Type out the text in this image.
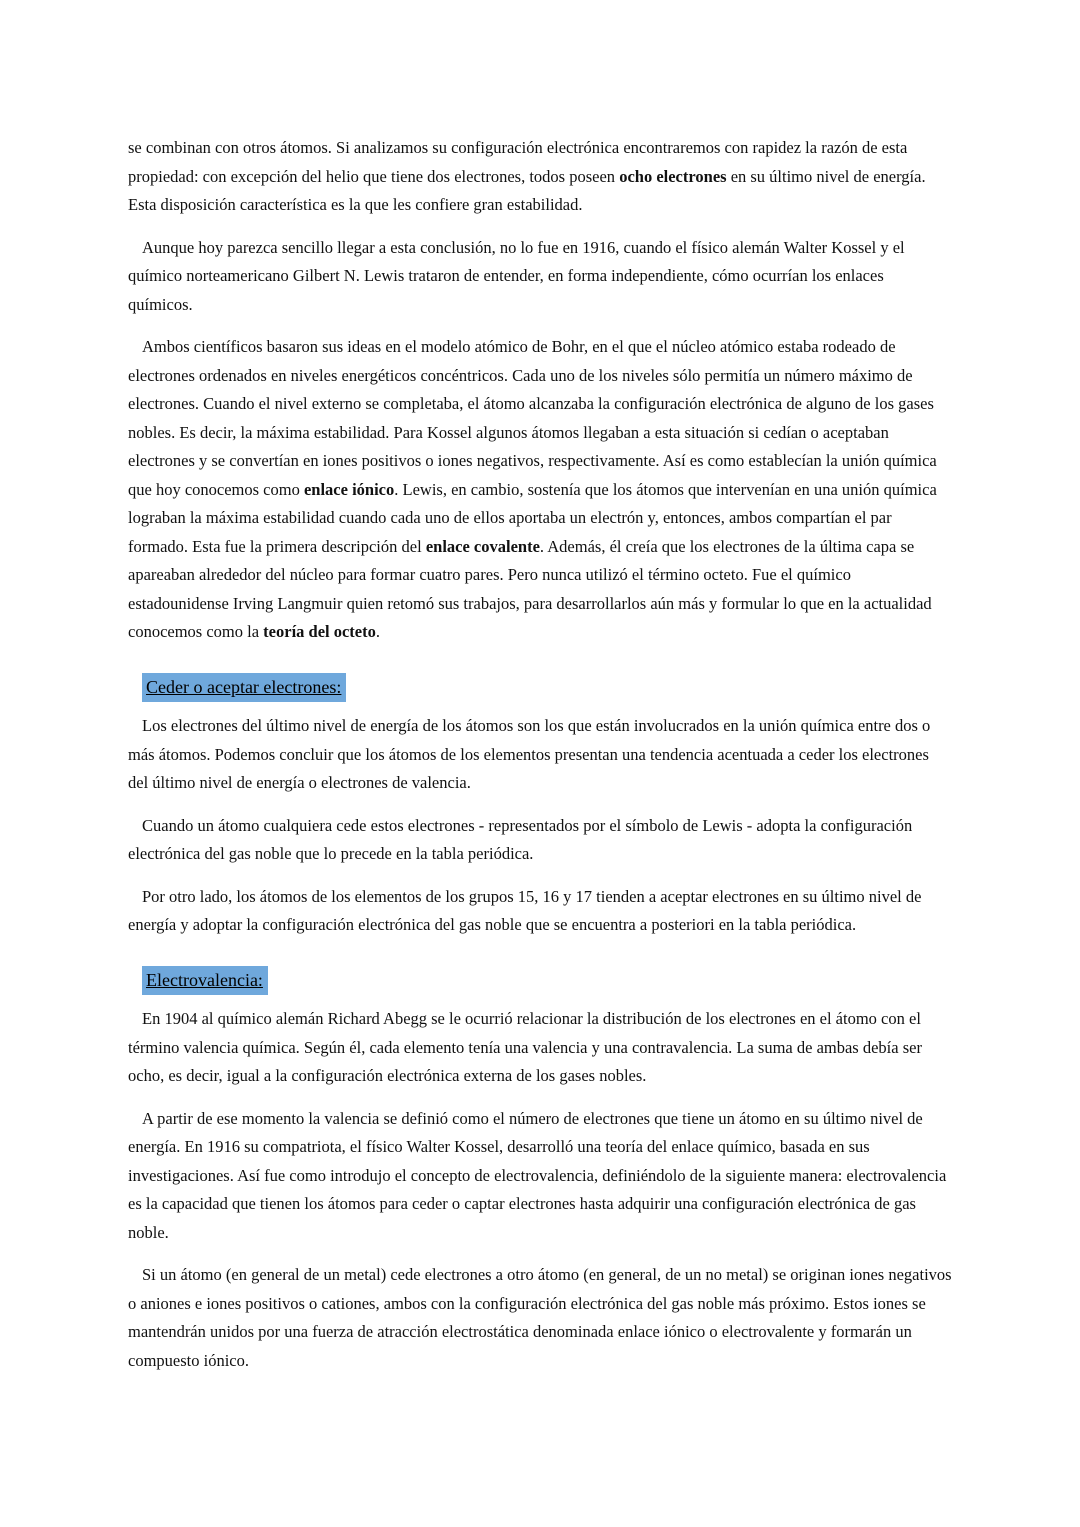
se combinan con otros átomos. Si analizamos su configuración electrónica encontraremos con rapidez la razón de esta propiedad: con excepción del helio que tiene dos electrones, todos poseen ocho electrones en su último nivel de energía. Esta disposición característica es la que les confiere gran estabilidad.

Aunque hoy parezca sencillo llegar a esta conclusión, no lo fue en 1916, cuando el físico alemán Walter Kossel y el químico norteamericano Gilbert N. Lewis trataron de entender, en forma independiente, cómo ocurrían los enlaces químicos.

Ambos científicos basaron sus ideas en el modelo atómico de Bohr, en el que el núcleo atómico estaba rodeado de electrones ordenados en niveles energéticos concéntricos. Cada uno de los niveles sólo permitía un número máximo de electrones. Cuando el nivel externo se completaba, el átomo alcanzaba la configuración electrónica de alguno de los gases nobles. Es decir, la máxima estabilidad. Para Kossel algunos átomos llegaban a esta situación si cedían o aceptaban electrones y se convertían en iones positivos o iones negativos, respectivamente. Así es como establecían la unión química que hoy conocemos como enlace iónico. Lewis, en cambio, sostenía que los átomos que intervenían en una unión química lograban la máxima estabilidad cuando cada uno de ellos aportaba un electrón y, entonces, ambos compartían el par formado. Esta fue la primera descripción del enlace covalente. Además, él creía que los electrones de la última capa se apareaban alrededor del núcleo para formar cuatro pares. Pero nunca utilizó el término octeto. Fue el químico estadounidense Irving Langmuir quien retomó sus trabajos, para desarrollarlos aún más y formular lo que en la actualidad conocemos como la teoría del octeto.

Ceder o aceptar electrones:

Los electrones del último nivel de energía de los átomos son los que están involucrados en la unión química entre dos o más átomos. Podemos concluir que los átomos de los elementos presentan una tendencia acentuada a ceder los electrones del último nivel de energía o electrones de valencia.

Cuando un átomo cualquiera cede estos electrones - representados por el símbolo de Lewis - adopta la configuración electrónica del gas noble que lo precede en la tabla periódica.

Por otro lado, los átomos de los elementos de los grupos 15, 16 y 17 tienden a aceptar electrones en su último nivel de energía y adoptar la configuración electrónica del gas noble que se encuentra a posteriori en la tabla periódica.

Electrovalencia:

En 1904 al químico alemán Richard Abegg se le ocurrió relacionar la distribución de los electrones en el átomo con el término valencia química. Según él, cada elemento tenía una valencia y una contravalencia. La suma de ambas debía ser ocho, es decir, igual a la configuración electrónica externa de los gases nobles.

A partir de ese momento la valencia se definió como el número de electrones que tiene un átomo en su último nivel de energía. En 1916 su compatriota, el físico Walter Kossel, desarrolló una teoría del enlace químico, basada en sus investigaciones. Así fue como introdujo el concepto de electrovalencia, definiéndolo de la siguiente manera: electrovalencia es la capacidad que tienen los átomos para ceder o captar electrones hasta adquirir una configuración electrónica de gas noble.

Si un átomo (en general de un metal) cede electrones a otro átomo (en general, de un no metal) se originan iones negativos o aniones e iones positivos o cationes, ambos con la configuración electrónica del gas noble más próximo. Estos iones se mantendrán unidos por una fuerza de atracción electrostática denominada enlace iónico o electrovalente y formarán un compuesto iónico.
